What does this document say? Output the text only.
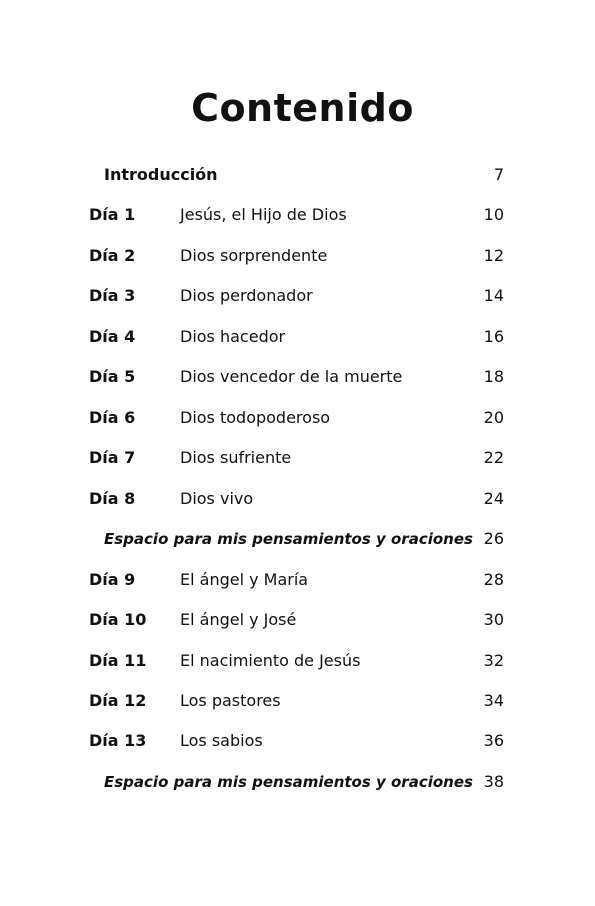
Contenido
Introducción	7
Día 1	Jesús, el Hijo de Dios	10
Día 2	Dios sorprendente	12
Día 3	Dios perdonador	14
Día 4	Dios hacedor	16
Día 5	Dios vencedor de la muerte	18
Día 6	Dios todopoderoso	20
Día 7	Dios sufriente	22
Día 8	Dios vivo	24
Espacio para mis pensamientos y oraciones 26
Día 9	El ángel y María	28
Día 10 El ángel y José	30
Día 11 El nacimiento de Jesús	32
Día 12 Los pastores	34
Día 13 Los sabios	36
Espacio para mis pensamientos y oraciones 38
